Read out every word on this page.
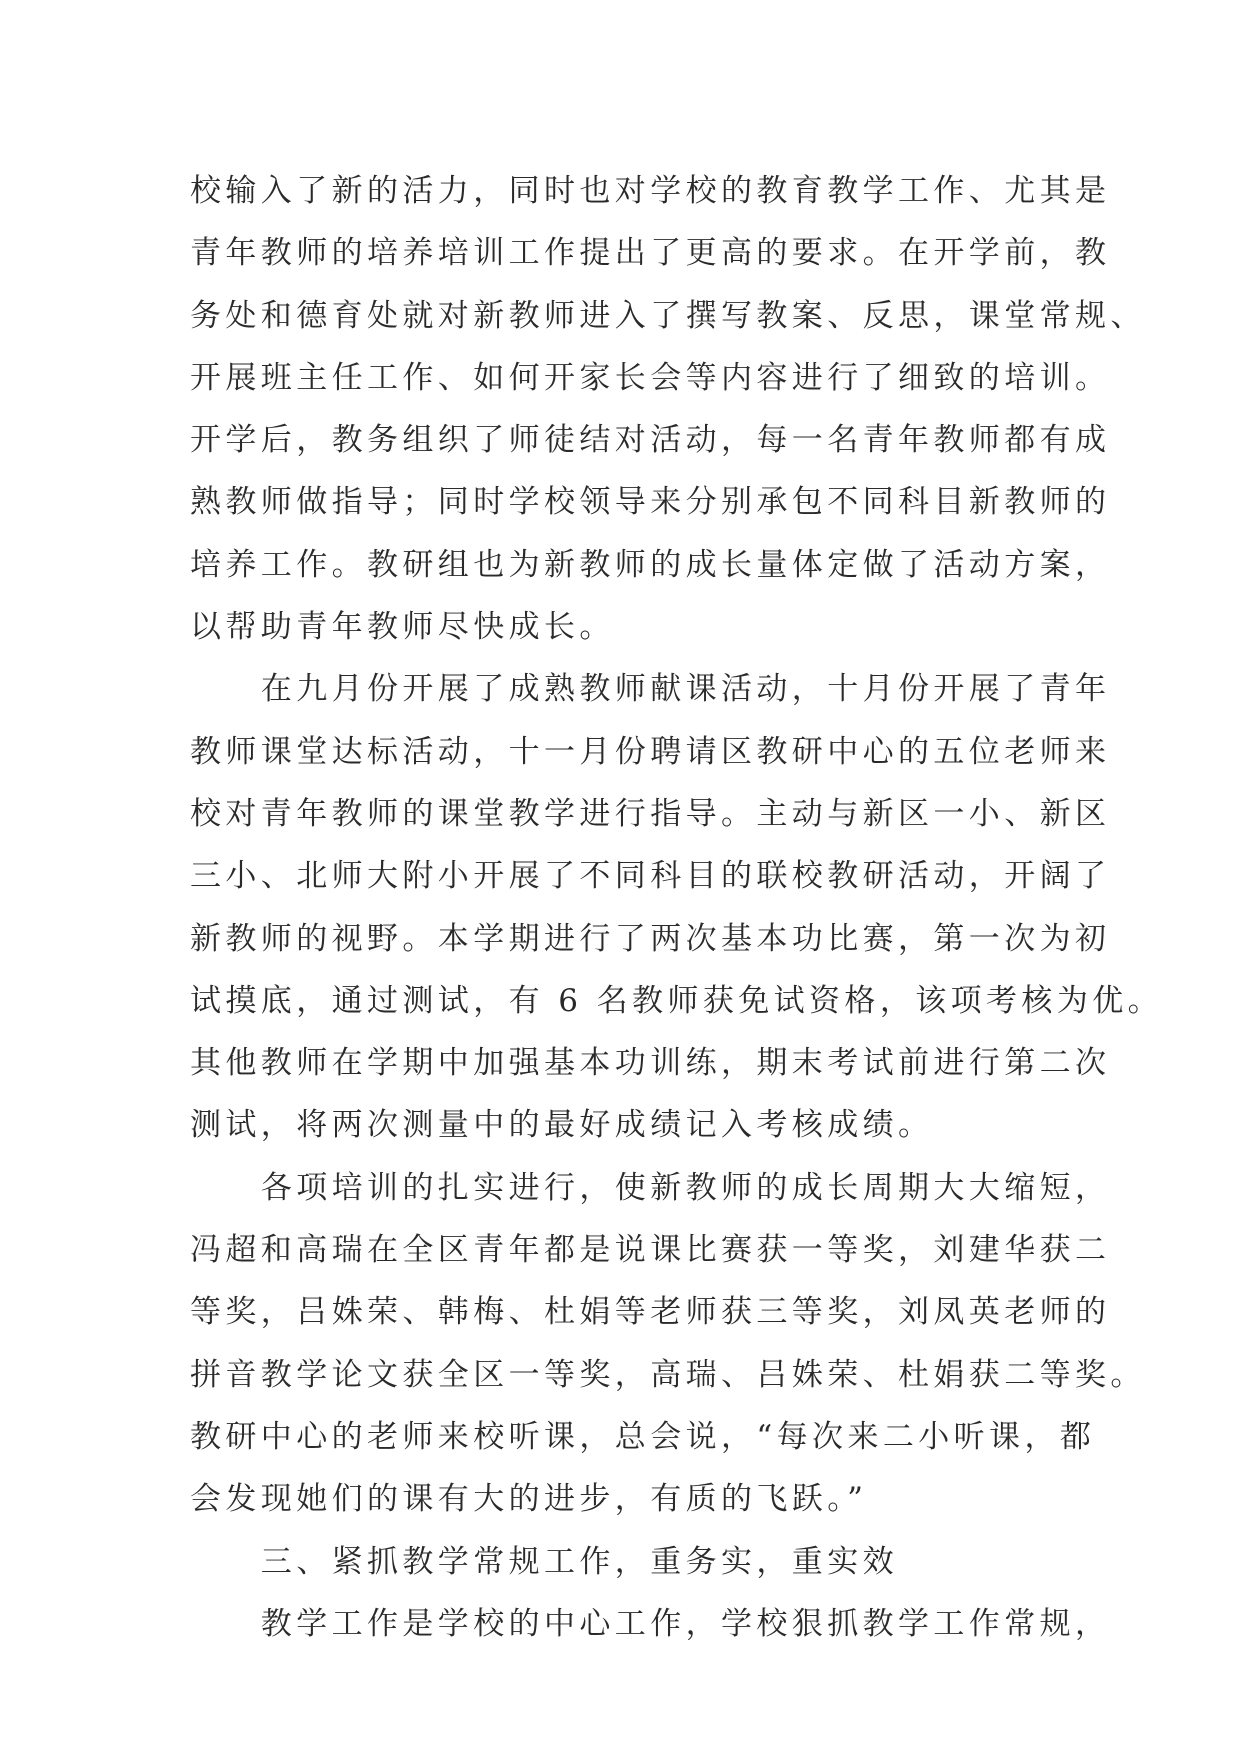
校输入了新的活力，同时也对学校的教育教学工作、尤其是
青年教师的培养培训工作提出了更高的要求。在开学前，教
务处和德育处就对新教师进入了撰写教案、反思，课堂常规、
开展班主任工作、如何开家长会等内容进行了细致的培训。
开学后，教务组织了师徒结对活动，每一名青年教师都有成
熟教师做指导；同时学校领导来分别承包不同科目新教师的
培养工作。教研组也为新教师的成长量体定做了活动方案，
以帮助青年教师尽快成长。
　　在九月份开展了成熟教师献课活动，十月份开展了青年
教师课堂达标活动，十一月份聘请区教研中心的五位老师来
校对青年教师的课堂教学进行指导。主动与新区一小、新区
三小、北师大附小开展了不同科目的联校教研活动，开阔了
新教师的视野。本学期进行了两次基本功比赛，第一次为初
试摸底，通过测试，有 6 名教师获免试资格，该项考核为优。
其他教师在学期中加强基本功训练，期末考试前进行第二次
测试，将两次测量中的最好成绩记入考核成绩。
　　各项培训的扎实进行，使新教师的成长周期大大缩短，
冯超和高瑞在全区青年都是说课比赛获一等奖，刘建华获二
等奖，吕姝荣、韩梅、杜娟等老师获三等奖，刘凤英老师的
拼音教学论文获全区一等奖，高瑞、吕姝荣、杜娟获二等奖。
教研中心的老师来校听课，总会说，“每次来二小听课，都
会发现她们的课有大的进步，有质的飞跃。”
　　三、紧抓教学常规工作，重务实，重实效
　　教学工作是学校的中心工作，学校狠抓教学工作常规，
